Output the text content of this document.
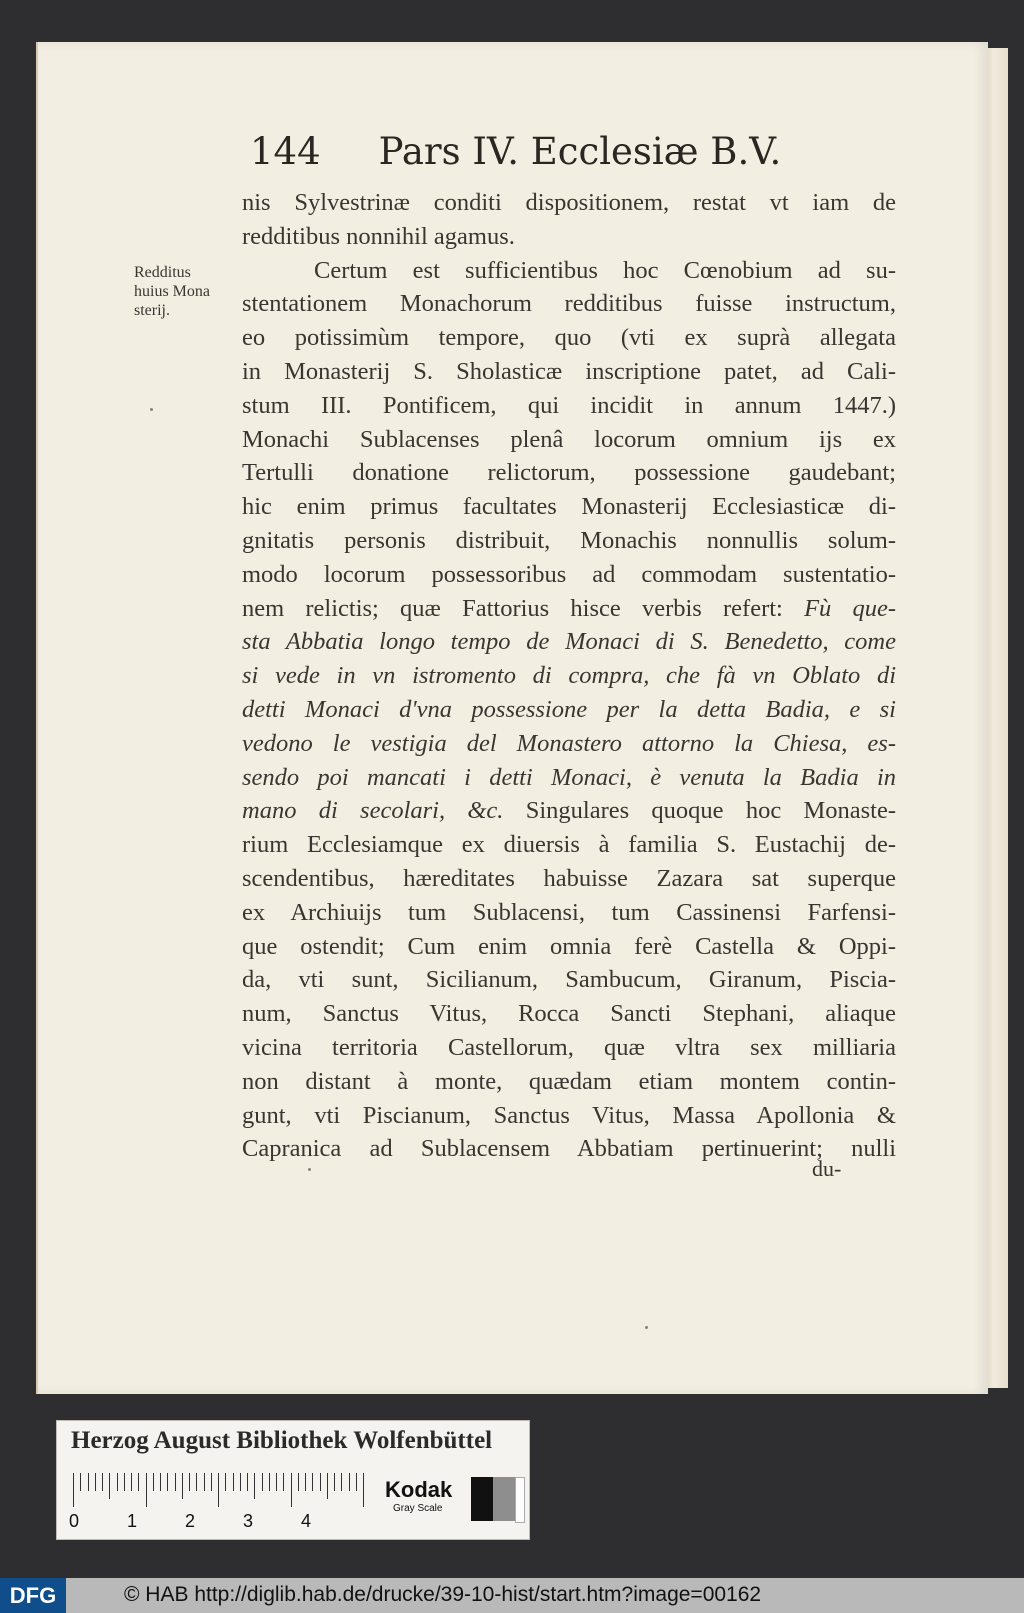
144 Pars IV. Ecclesiæ B.V.
Redditus
huius Mona
sterij.
nis Sylvestrinæ conditi dispositionem, restat vt iam de
redditibus nonnihil agamus.
Certum est sufficientibus hoc Cœnobium ad su-
stentationem Monachorum redditibus fuisse instructum,
eo potissimùm tempore, quo (vti ex suprà allegata
in Monasterij S. Sholasticæ inscriptione patet, ad Cali-
stum III. Pontificem, qui incidit in annum 1447.)
Monachi Sublacenses plenâ locorum omnium ijs ex
Tertulli donatione relictorum, possessione gaudebant;
hic enim primus facultates Monasterij Ecclesiasticæ di-
gnitatis personis distribuit, Monachis nonnullis solum-
modo locorum possessoribus ad commodam sustentatio-
nem relictis; quæ Fattorius hisce verbis refert: Fù que-
sta Abbatia longo tempo de Monaci di S. Benedetto, come
si vede in vn istromento di compra, che fà vn Oblato di
detti Monaci d'vna possessione per la detta Badia, e si
vedono le vestigia del Monastero attorno la Chiesa, es-
sendo poi mancati i detti Monaci, è venuta la Badia in
mano di secolari, &c. Singulares quoque hoc Monaste-
rium Ecclesiamque ex diuersis à familia S. Eustachij de-
scendentibus, hæreditates habuisse Zazara sat superque
ex Archiuijs tum Sublacensi, tum Cassinensi Farfensi-
que ostendit; Cum enim omnia ferè Castella & Oppi-
da, vti sunt, Sicilianum, Sambucum, Giranum, Piscia-
num, Sanctus Vitus, Rocca Sancti Stephani, aliaque
vicina territoria Castellorum, quæ vltra sex milliaria
non distant à monte, quædam etiam montem contin-
gunt, vti Piscianum, Sanctus Vitus, Massa Apollonia &
Capranica ad Sublacensem Abbatiam pertinuerint; nulli
du-
Herzog August Bibliothek Wolfenbüttel
0	1	2	3	4
Kodak
Gray Scale
DFG	© HAB http://diglib.hab.de/drucke/39-10-hist/start.htm?image=00162
